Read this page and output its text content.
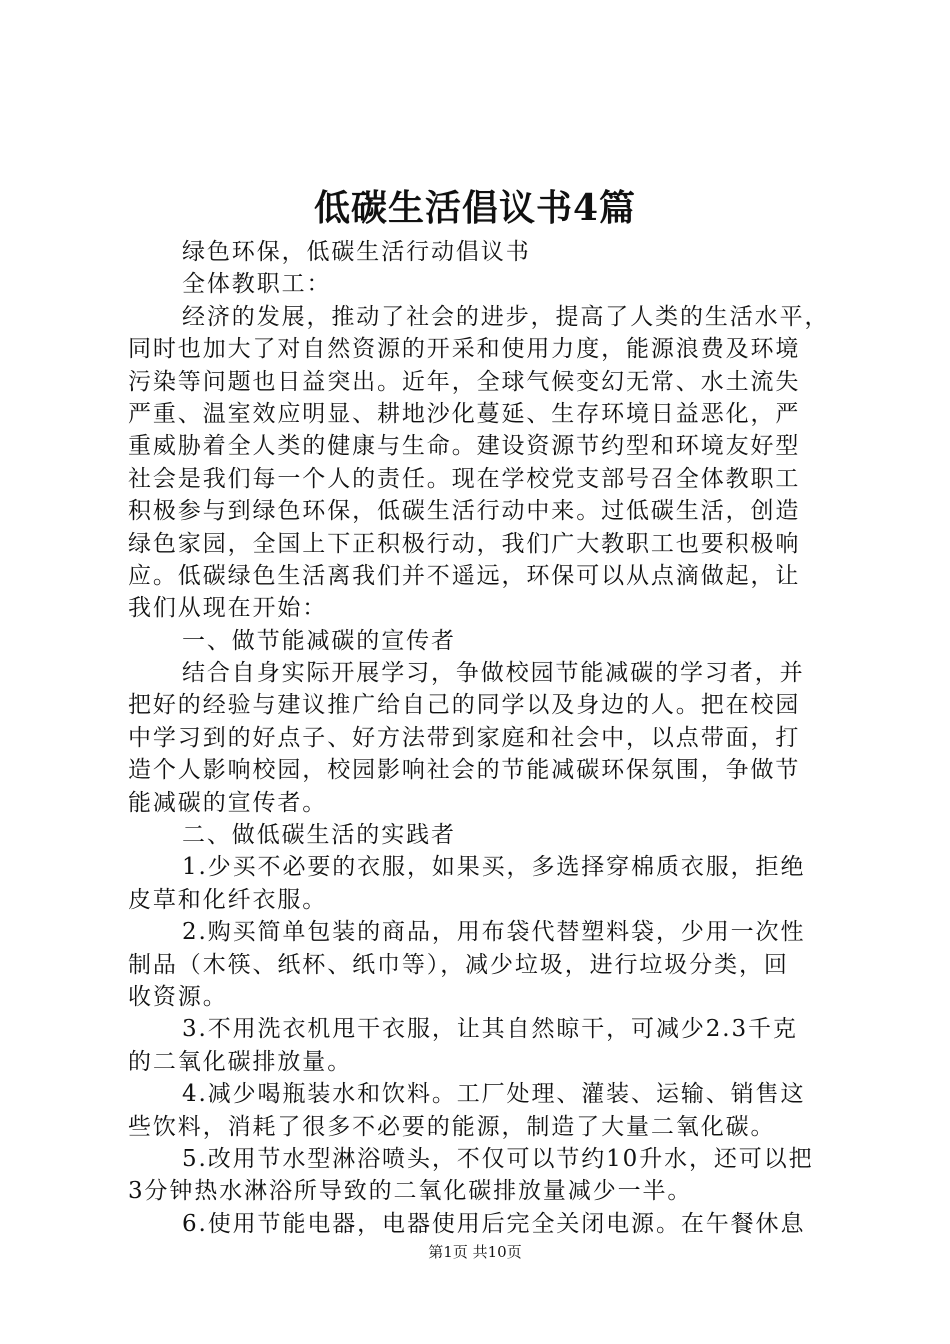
低碳生活倡议书4篇
绿色环保，低碳生活行动倡议书
全体教职工：
经济的发展，推动了社会的进步，提高了人类的生活水平，
同时也加大了对自然资源的开采和使用力度，能源浪费及环境
污染等问题也日益突出。近年，全球气候变幻无常、水土流失
严重、温室效应明显、耕地沙化蔓延、生存环境日益恶化，严
重威胁着全人类的健康与生命。建设资源节约型和环境友好型
社会是我们每一个人的责任。现在学校党支部号召全体教职工
积极参与到绿色环保，低碳生活行动中来。过低碳生活，创造
绿色家园，全国上下正积极行动，我们广大教职工也要积极响
应。低碳绿色生活离我们并不遥远，环保可以从点滴做起，让
我们从现在开始：
一、做节能减碳的宣传者
结合自身实际开展学习，争做校园节能减碳的学习者，并
把好的经验与建议推广给自己的同学以及身边的人。把在校园
中学习到的好点子、好方法带到家庭和社会中，以点带面，打
造个人影响校园，校园影响社会的节能减碳环保氛围，争做节
能减碳的宣传者。
二、做低碳生活的实践者
1.少买不必要的衣服，如果买，多选择穿棉质衣服，拒绝
皮草和化纤衣服。
2.购买简单包装的商品，用布袋代替塑料袋，少用一次性
制品（木筷、纸杯、纸巾等），减少垃圾，进行垃圾分类，回
收资源。
3.不用洗衣机甩干衣服，让其自然晾干，可减少2.3千克
的二氧化碳排放量。
4.减少喝瓶装水和饮料。工厂处理、灌装、运输、销售这
些饮料，消耗了很多不必要的能源，制造了大量二氧化碳。
5.改用节水型淋浴喷头，不仅可以节约10升水，还可以把
3分钟热水淋浴所导致的二氧化碳排放量减少一半。
6.使用节能电器，电器使用后完全关闭电源。在午餐休息
第1页 共10页
